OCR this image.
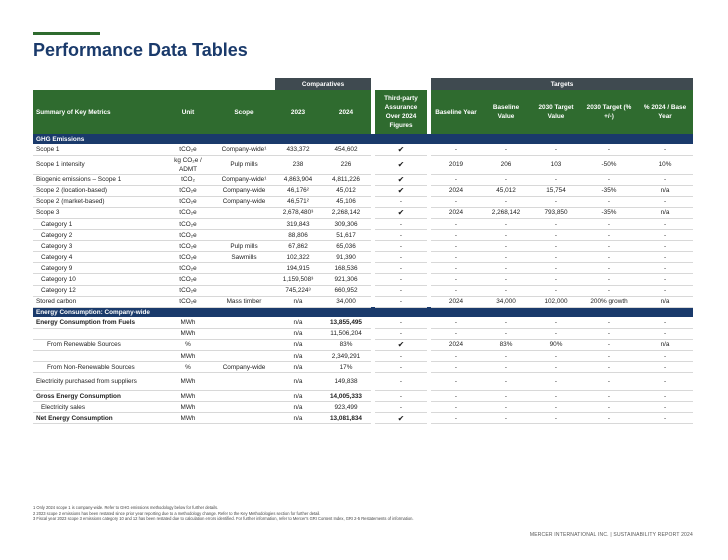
Performance Data Tables
			Comparatives					Targets				
Summary of Key Metrics	Unit	Scope	2023	2024		Third-party Assurance Over 2024 Figures		Baseline Year	Baseline Value	2030 Target Value	2030 Target (% +/-)	% 2024 / Base Year
GHG Emissions												
Scope 1	tCO₂e	Company-wide¹	433,372	454,602		✔		-	-	-	-	-
Scope 1 intensity	kg CO₂e / ADMT	Pulp mills	238	226		✔		2019	206	103	-50%	10%
Biogenic emissions – Scope 1	tCO₂	Company-wide¹	4,863,904	4,811,226		✔		-	-	-	-	-
Scope 2 (location-based)	tCO₂e	Company-wide	46,176²	45,012		✔		2024	45,012	15,754	-35%	n/a
Scope 2 (market-based)	tCO₂e	Company-wide	46,571²	45,106		-		-	-	-	-	-
Scope 3	tCO₂e		2,678,480³	2,268,142		✔		2024	2,268,142	793,850	-35%	n/a
Category 1	tCO₂e		319,843	309,306		-		-	-	-	-	-
Category 2	tCO₂e		88,806	51,617		-		-	-	-	-	-
Category 3	tCO₂e	Pulp mills	67,862	65,036		-		-	-	-	-	-
Category 4	tCO₂e	Sawmills	102,322	91,390		-		-	-	-	-	-
Category 9	tCO₂e		194,915	168,536		-		-	-	-	-	-
Category 10	tCO₂e		1,159,508³	921,306		-		-	-	-	-	-
Category 12	tCO₂e		745,224³	660,952		-		-	-	-	-	-
Stored carbon	tCO₂e	Mass timber	n/a	34,000		-		2024	34,000	102,000	200% growth	n/a
Energy Consumption: Company-wide												
Energy Consumption from Fuels	MWh		n/a	13,855,495		-		-	-	-	-	-
	MWh		n/a	11,506,204		-		-	-	-	-	-
From Renewable Sources	%		n/a	83%		✔		2024	83%	90%	-	n/a
	MWh		n/a	2,349,291		-		-	-	-	-	-
From Non-Renewable Sources	%	Company-wide	n/a	17%		-		-	-	-	-	-
Electricity purchased from suppliers	MWh		n/a	149,838		-		-	-	-	-	-
Gross Energy Consumption	MWh		n/a	14,005,333		-		-	-	-	-	-
Electricity sales	MWh		n/a	923,499		-		-	-	-	-	-
Net Energy Consumption	MWh		n/a	13,081,834		✔		-	-	-	-	-
1 Only 2024 scope 1 is company-wide. Refer to GHG emissions methodology below for further details.
2 2023 scope 2 emissions has been restated since prior year reporting due to a methodology change. Refer to the Key Methodologies section for further detail.
3 Fiscal year 2023 scope 3 emissions category 10 and 12 has been restated due to calculation errors identified. For further information, refer to Mercer's GRI Content Index, GRI 2-5 Restatements of information.
MERCER INTERNATIONAL INC. | SUSTAINABILITY REPORT 2024
